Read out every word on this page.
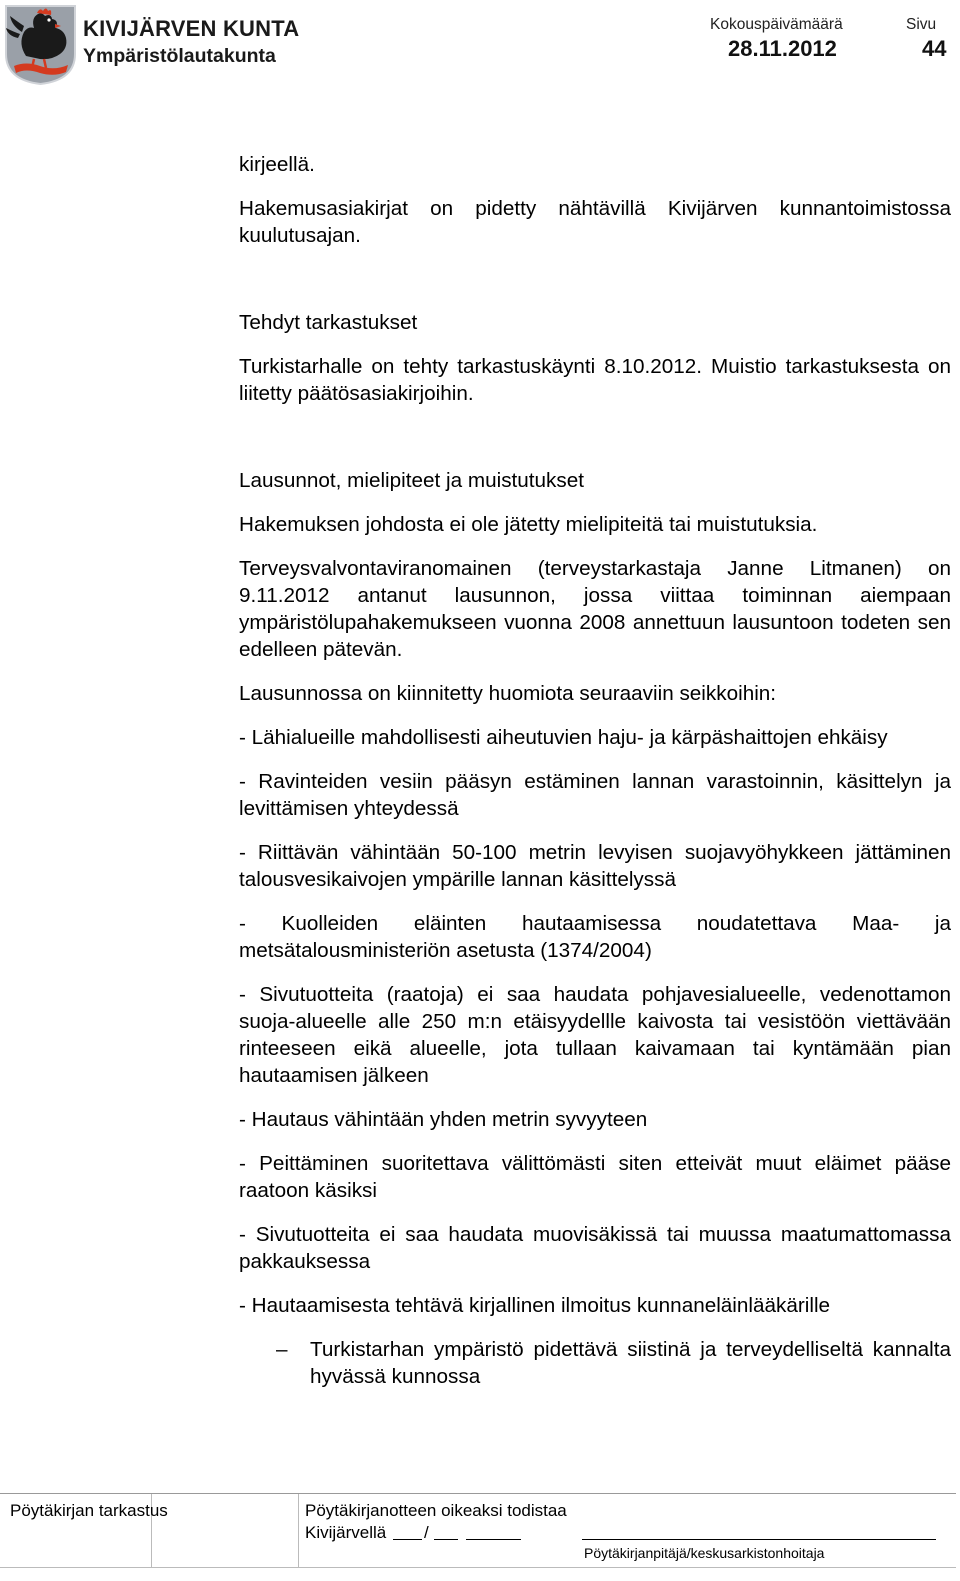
KIVIJÄRVEN KUNTA
Ympäristölautakunta
Kokouspäivämäärä
28.11.2012
Sivu
44

kirjeellä.

Hakemusasiakirjat on pidetty nähtävillä Kivijärven kunnantoimistossa kuulutusajan.

Tehdyt tarkastukset

Turkistarhalle on tehty tarkastuskäynti 8.10.2012. Muistio tarkastuksesta on liitetty päätösasiakirjoihin.

Lausunnot, mielipiteet ja muistutukset

Hakemuksen johdosta ei ole jätetty mielipiteitä tai muistutuksia.

Terveysvalvontaviranomainen (terveystarkastaja Janne Litmanen) on 9.11.2012 antanut lausunnon, jossa viittaa toiminnan aiempaan ympäristölupahakemukseen vuonna 2008 annettuun lausuntoon todeten sen edelleen pätevän.

Lausunnossa on kiinnitetty huomiota seuraaviin seikkoihin:

- Lähialueille mahdollisesti aiheutuvien haju- ja kärpäshaittojen ehkäisy

- Ravinteiden vesiin pääsyn estäminen lannan varastoinnin, käsittelyn ja levittämisen yhteydessä

- Riittävän vähintään 50-100 metrin levyisen suojavyöhykkeen jättäminen talousvesikaivojen ympärille lannan käsittelyssä

- Kuolleiden eläinten hautaamisessa noudatettava Maa- ja metsätalousministeriön asetusta (1374/2004)

- Sivutuotteita (raatoja) ei saa haudata pohjavesialueelle, vedenottamon suoja-alueelle alle 250 m:n etäisyydellle kaivosta tai vesistöön viettävään rinteeseen eikä alueelle, jota tullaan kaivamaan tai kyntämään pian hautaamisen jälkeen

- Hautaus vähintään yhden metrin syvyyteen

- Peittäminen suoritettava välittömästi siten etteivät muut eläimet pääse raatoon käsiksi

- Sivutuotteita ei saa haudata muovisäkissä tai muussa maatumattomassa pakkauksessa

- Hautaamisesta tehtävä kirjallinen ilmoitus kunnaneläinlääkärille

– Turkistarhan ympäristö pidettävä siistinä ja terveydelliseltä kannalta hyvässä kunnossa
Pöytäkirjan tarkastus	Pöytäkirjanotteen oikeaksi todistaa
Kivijärvellä /
Pöytäkirjanpitäjä/keskusarkistonhoitaja
